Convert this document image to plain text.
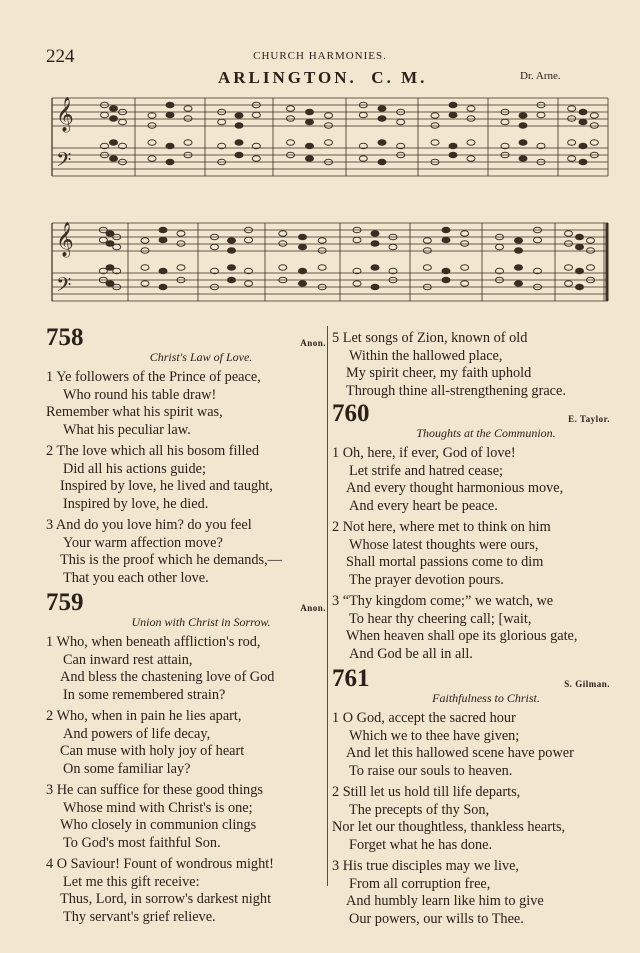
224	CHURCH HARMONIES.
ARLINGTON. C. M.	Dr. Arne.
𝄞
𝄢
𝄞
𝄢
758	Anon.
Christ's Law of Love.
1 Ye followers of the Prince of peace,
Who round his table draw!
Remember what his spirit was,
What his peculiar law.
2 The love which all his bosom filled
Did all his actions guide;
Inspired by love, he lived and taught,
Inspired by love, he died.
3 And do you love him? do you feel
Your warm affection move?
This is the proof which he demands,—
That you each other love.
759	Anon.
Union with Christ in Sorrow.
1 Who, when beneath affliction's rod,
Can inward rest attain,
And bless the chastening love of God
In some remembered strain?
2 Who, when in pain he lies apart,
And powers of life decay,
Can muse with holy joy of heart
On some familiar lay?
3 He can suffice for these good things
Whose mind with Christ's is one;
Who closely in communion clings
To God's most faithful Son.
4 O Saviour! Fount of wondrous might!
Let me this gift receive:
Thus, Lord, in sorrow's darkest night
Thy servant's grief relieve.
5 Let songs of Zion, known of old
Within the hallowed place,
My spirit cheer, my faith uphold
Through thine all-strengthening grace.
760	E. Taylor.
Thoughts at the Communion.
1 Oh, here, if ever, God of love!
Let strife and hatred cease;
And every thought harmonious move,
And every heart be peace.
2 Not here, where met to think on him
Whose latest thoughts were ours,
Shall mortal passions come to dim
The prayer devotion pours.
3 “Thy kingdom come;” we watch, we
To hear thy cheering call; [wait,
When heaven shall ope its glorious gate,
And God be all in all.
761	S. Gilman.
Faithfulness to Christ.
1 O God, accept the sacred hour
Which we to thee have given;
And let this hallowed scene have power
To raise our souls to heaven.
2 Still let us hold till life departs,
The precepts of thy Son,
Nor let our thoughtless, thankless hearts,
Forget what he has done.
3 His true disciples may we live,
From all corruption free,
And humbly learn like him to give
Our powers, our wills to Thee.
